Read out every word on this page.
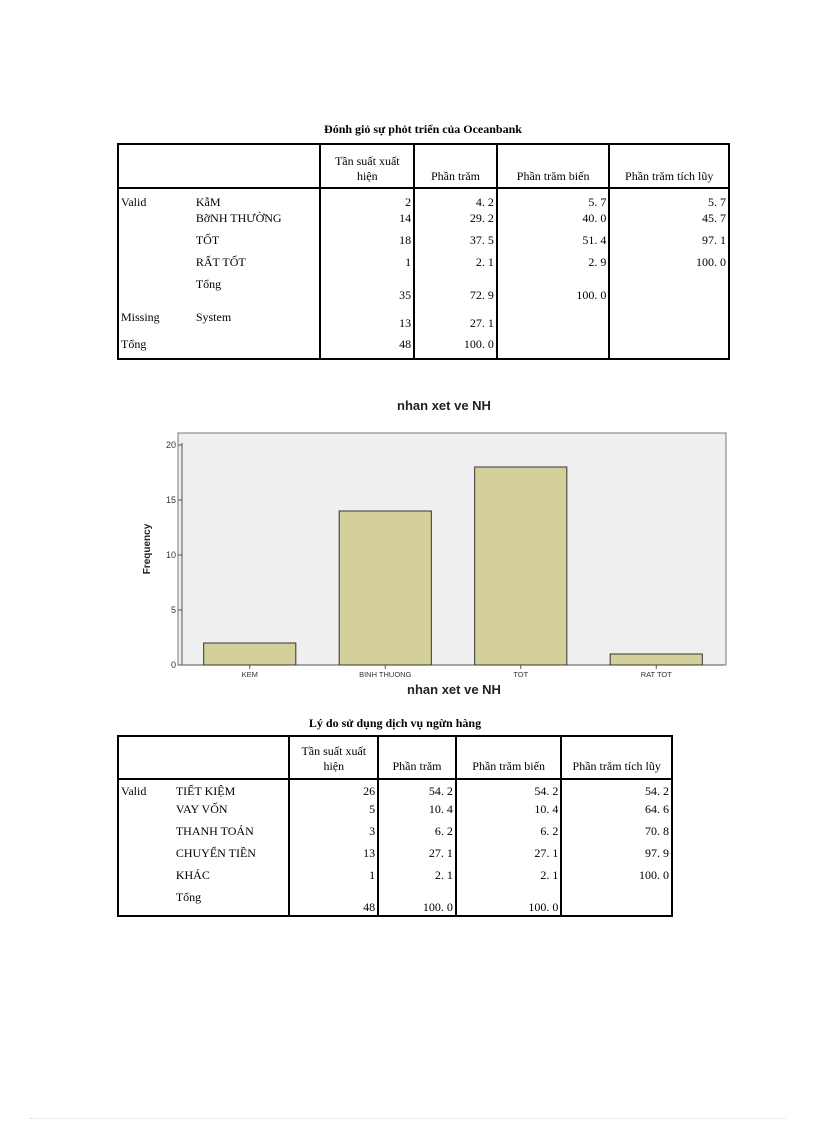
Đónh giỏ sự phỏt triển của Oceanbank
		Tần suất xuất hiện	Phần trăm	Phần trăm biến	Phần trăm tích lũy
Valid	KẫM	2	4. 2	5. 7	5. 7
	BỡNH THƯỜNG	14	29. 2	40. 0	45. 7
	TỐT	18	37. 5	51. 4	97. 1
	RẤT TỐT	1	2. 1	2. 9	100. 0
	Tổng	35	72. 9	100. 0	
Missing	System	13	27. 1		
Tổng		48	100. 0		
nhan xet ve NH
0
5
10
15
20
KEM	BINH THUONG	TOT	RAT TOT
Frequency
nhan xet ve NH
Lý do sử dụng dịch vụ ngừn hàng
		Tần suất xuất hiện	Phần trăm	Phần trăm biến	Phần trăm tích lũy
Valid	TIẾT KIỆM	26	54. 2	54. 2	54. 2
	VAY VỐN	5	10. 4	10. 4	64. 6
	THANH TOÁN	3	6. 2	6. 2	70. 8
	CHUYỂN TIỀN	13	27. 1	27. 1	97. 9
	KHÁC	1	2. 1	2. 1	100. 0
	Tổng	48	100. 0	100. 0	
